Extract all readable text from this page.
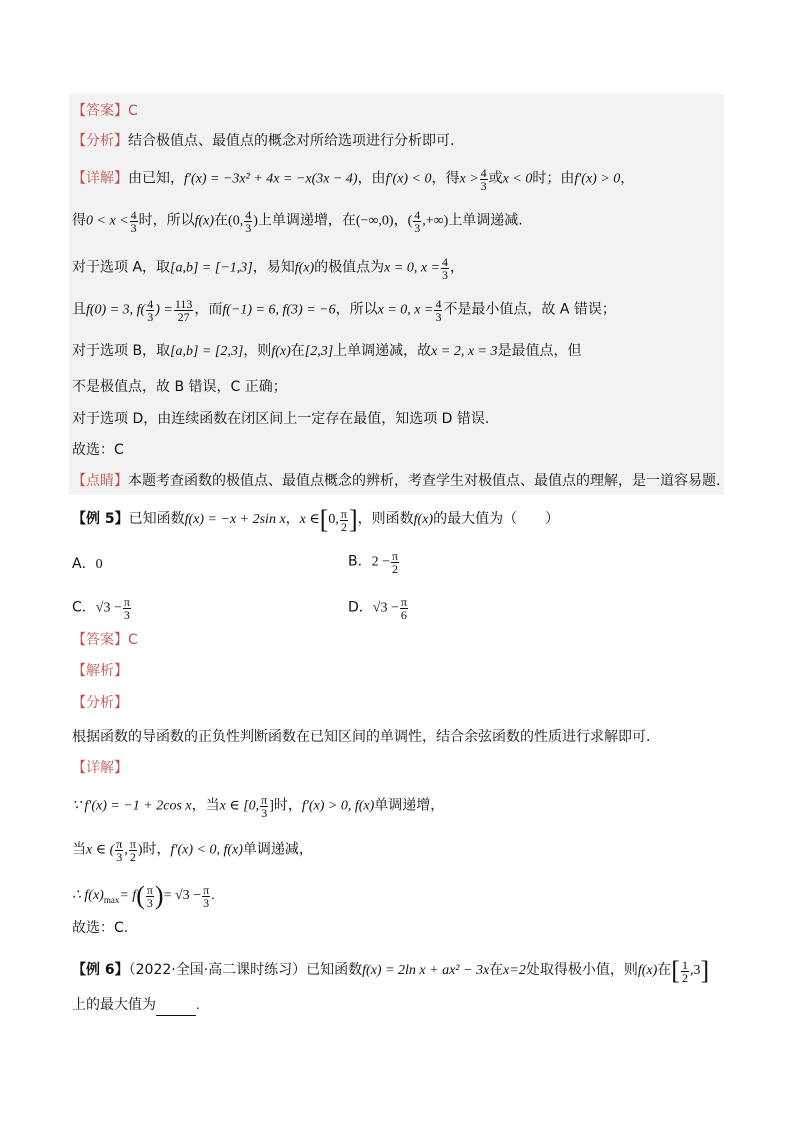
【答案】C
【分析】结合极值点、最值点的概念对所给选项进行分析即可.
【详解】由已知，f′(x) = −3x² + 4x = −x(3x − 4)，由f′(x) < 0，得$x > \frac{4}{3}$ 或x < 0时；由f′(x) > 0，
得$0 < x < \frac{4}{3}$ 时，所以f(x)在(0, $\frac{4}{3}$ )上单调递增，在(−∞,0)，( $\frac{4}{3}$ ,+∞)上单调递减.
对于选项 A，取[a,b] = [−1,3]，易知f(x)的极值点为x = 0, $x = \frac{4}{3}$ ，
且f(0) = 3, $f( \frac{4}{3}$ ) = $\frac{113}{27}$ ，而f(−1) = 6, f(3) = −6，所以x = 0, $x = \frac{4}{3}$ 不是最小值点，故 A 错误；
对于选项 B，取[a,b] = [2,3]，则f(x)在[2,3]上单调递减，故x = 2, x = 3是最值点，但
不是极值点，故 B 错误，C 正确；
对于选项 D，由连续函数在闭区间上一定存在最值，知选项 D 错误.
故选：C
【点睛】本题考查函数的极值点、最值点概念的辨析，考查学生对极值点、最值点的理解，是一道容易题.
【例 5】已知函数f(x) = −x + 2sin x，x ∈[0, $\frac{\pi}{2}$ ]，则函数f(x)的最大值为（　　）
A．0	B．$2 - \frac{\pi}{2}$
C．$√3 - \frac{\pi}{3}$	D．$√3 - \frac{\pi}{6}$
【答案】C
【解析】
【分析】
根据函数的导函数的正负性判断函数在已知区间的单调性，结合余弦函数的性质进行求解即可.
【详解】
∵ f′(x) = −1 + 2cos x，当x ∈ [0, $\frac{\pi}{3}$ ]时，f′(x) > 0, f(x)单调递增，
当x ∈ ( $\frac{\pi}{3}$ , $\frac{\pi}{2}$ )时，f′(x) < 0, f(x)单调递减，
∴ $f(x)_{max}= f( \frac{\pi}{3}$ )= $√3 - \frac{\pi}{3}$ .
故选：C.
【例 6】（2022·全国·高二课时练习）已知函数f(x) = 2ln x + ax² − 3x在x=2处取得极小值，则f(x)在[ $\frac{1}{2} ,3$]
上的最大值为	.
